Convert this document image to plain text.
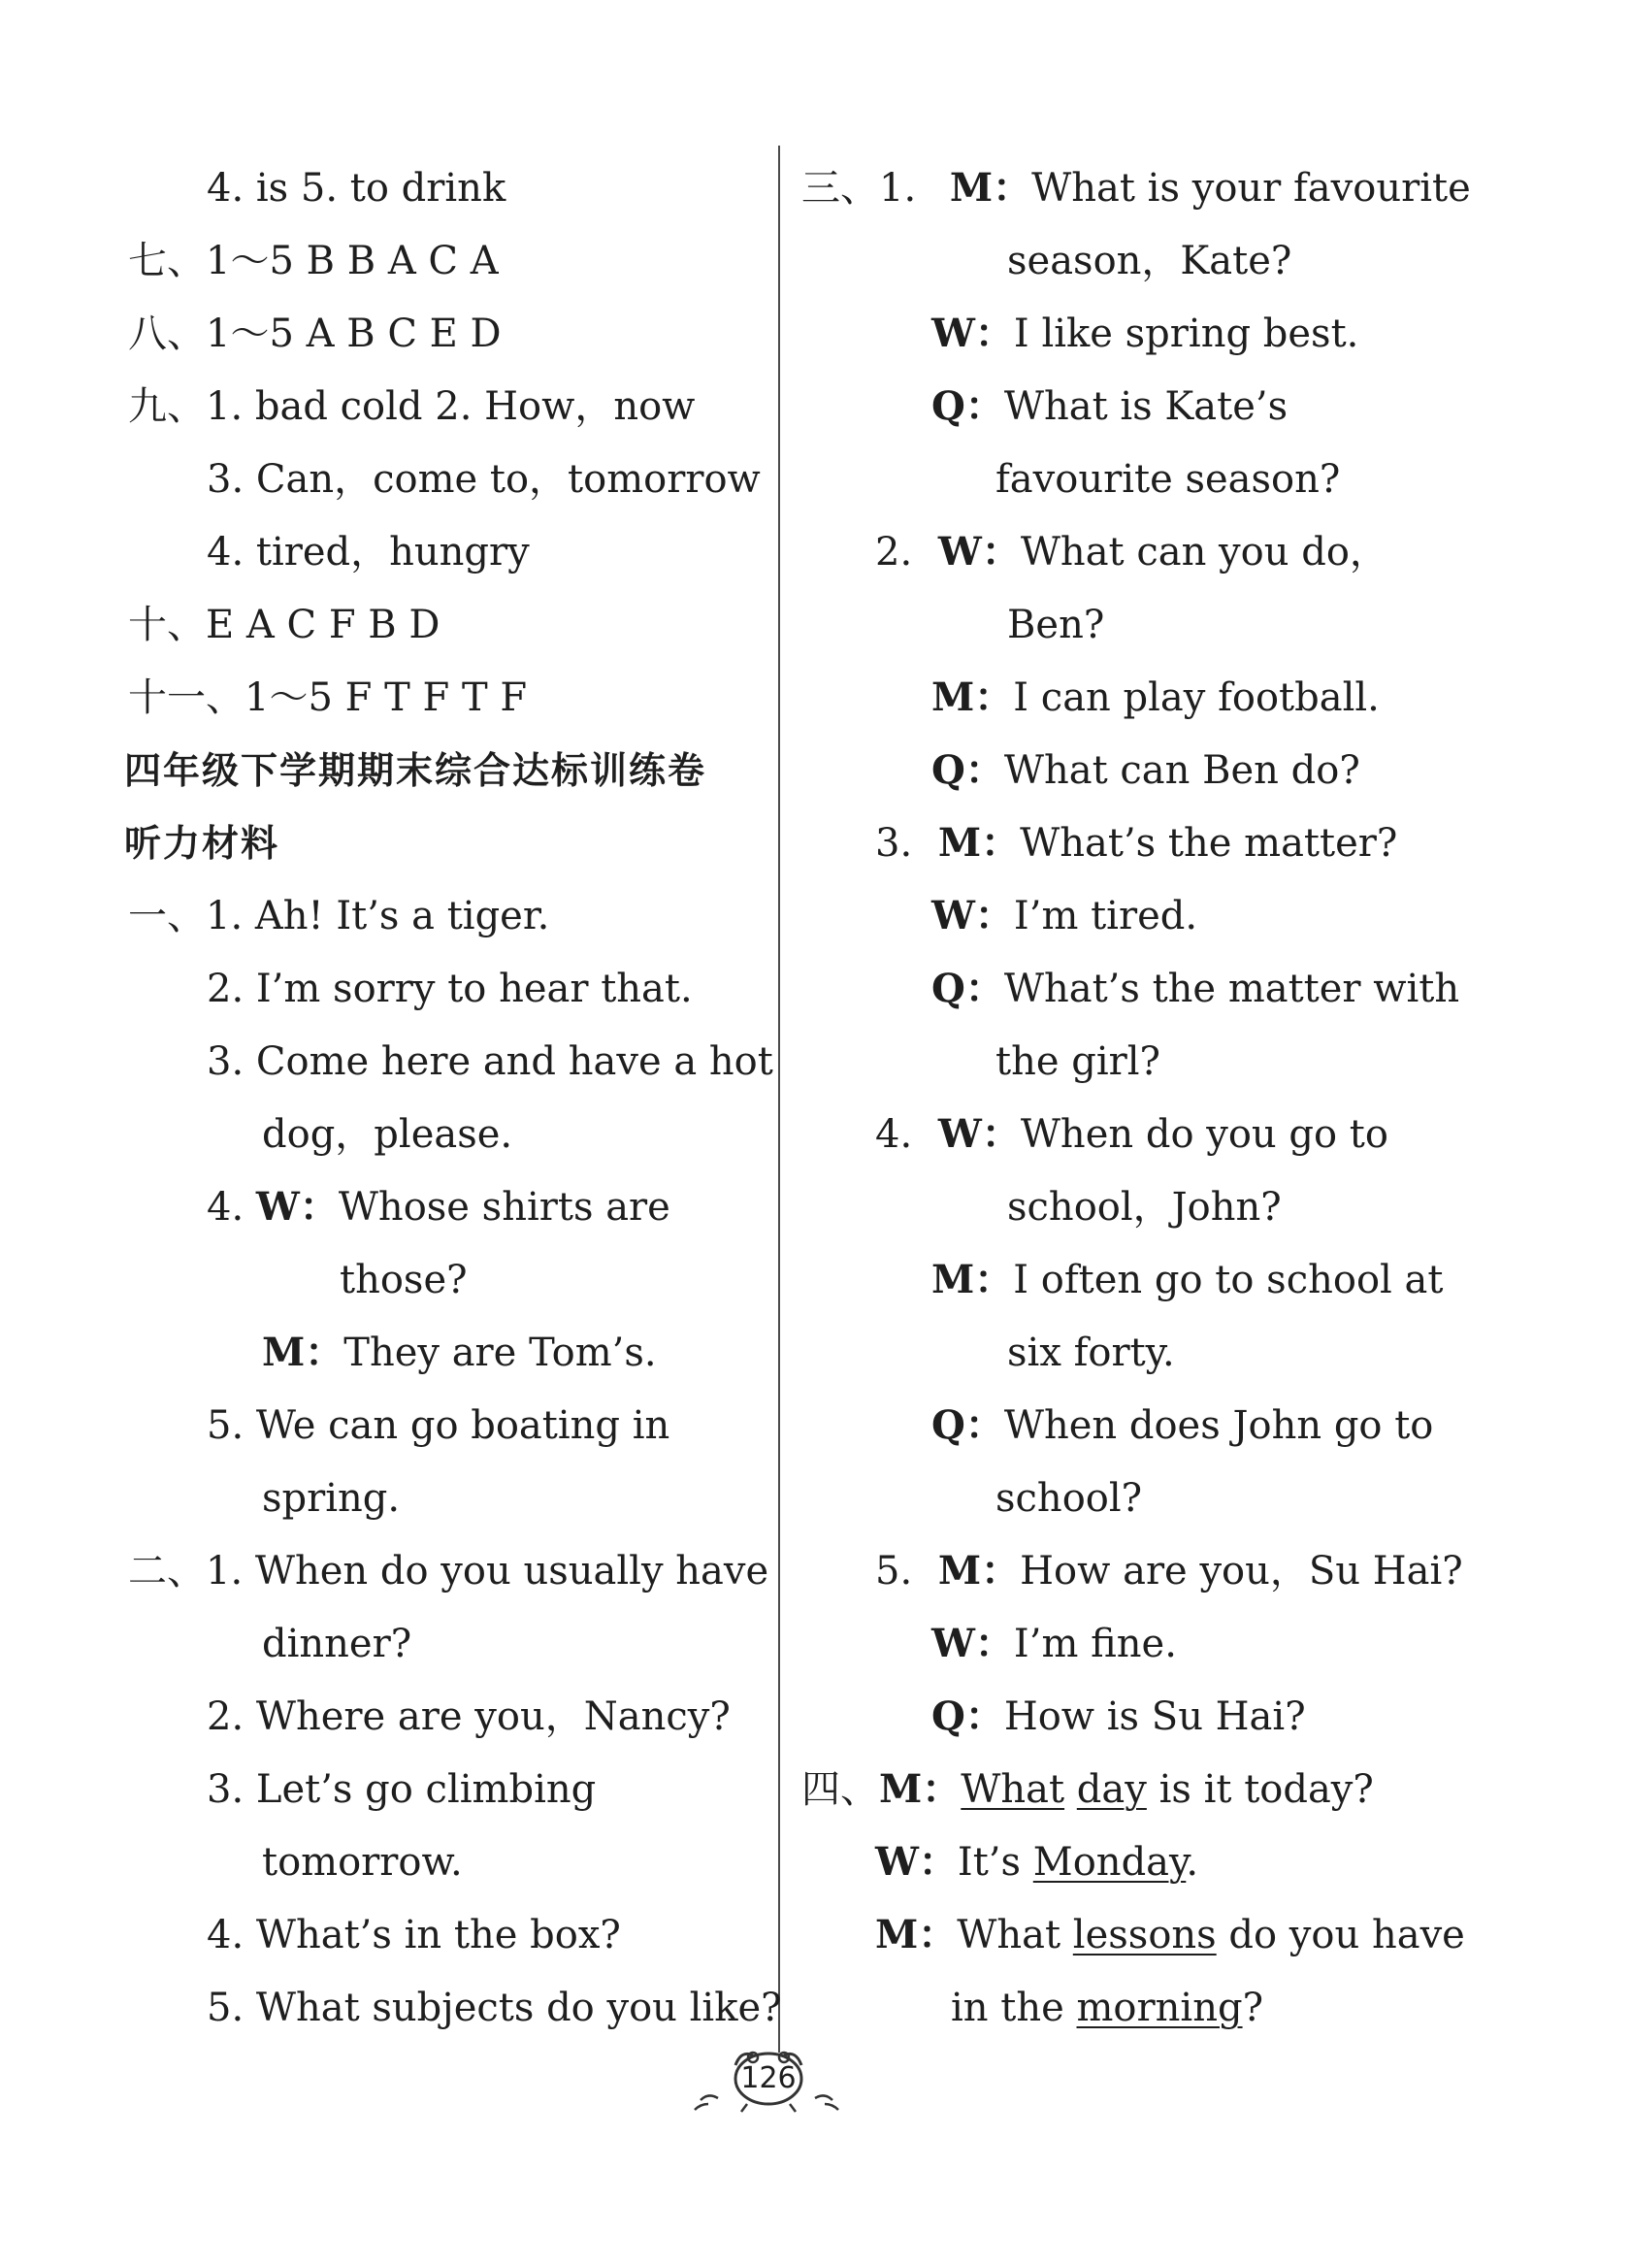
4. is 5. to drink
七、1～5 B B A C A
八、1～5 A B C E D
九、1. bad cold 2. How，now
3. Can，come to，tomorrow
4. tired，hungry
十、E A C F B D
十一、1～5 F T F T F
四年级下学期期末综合达标训练卷
听力材料
一、1. Ah! It’s a tiger.
2. I’m sorry to hear that.
3. Come here and have a hot
dog，please.
4. W：Whose shirts are
those?
M：They are Tom’s.
5. We can go boating in
spring.
二、1. When do you usually have
dinner?
2. Where are you，Nancy?
3. Let’s go climbing
tomorrow.
4. What’s in the box?
5. What subjects do you like?
三、1. M：What is your favourite
season，Kate?
W：I like spring best.
Q：What is Kate’s
favourite season?
2. W：What can you do，
Ben?
M：I can play football.
Q：What can Ben do?
3. M：What’s the matter?
W：I’m tired.
Q：What’s the matter with
the girl?
4. W：When do you go to
school，John?
M：I often go to school at
six forty.
Q：When does John go to
school?
5. M：How are you，Su Hai?
W：I’m fine.
Q：How is Su Hai?
四、M：What day is it today?
W：It’s Monday.
M：What lessons do you have
in the morning?
126
